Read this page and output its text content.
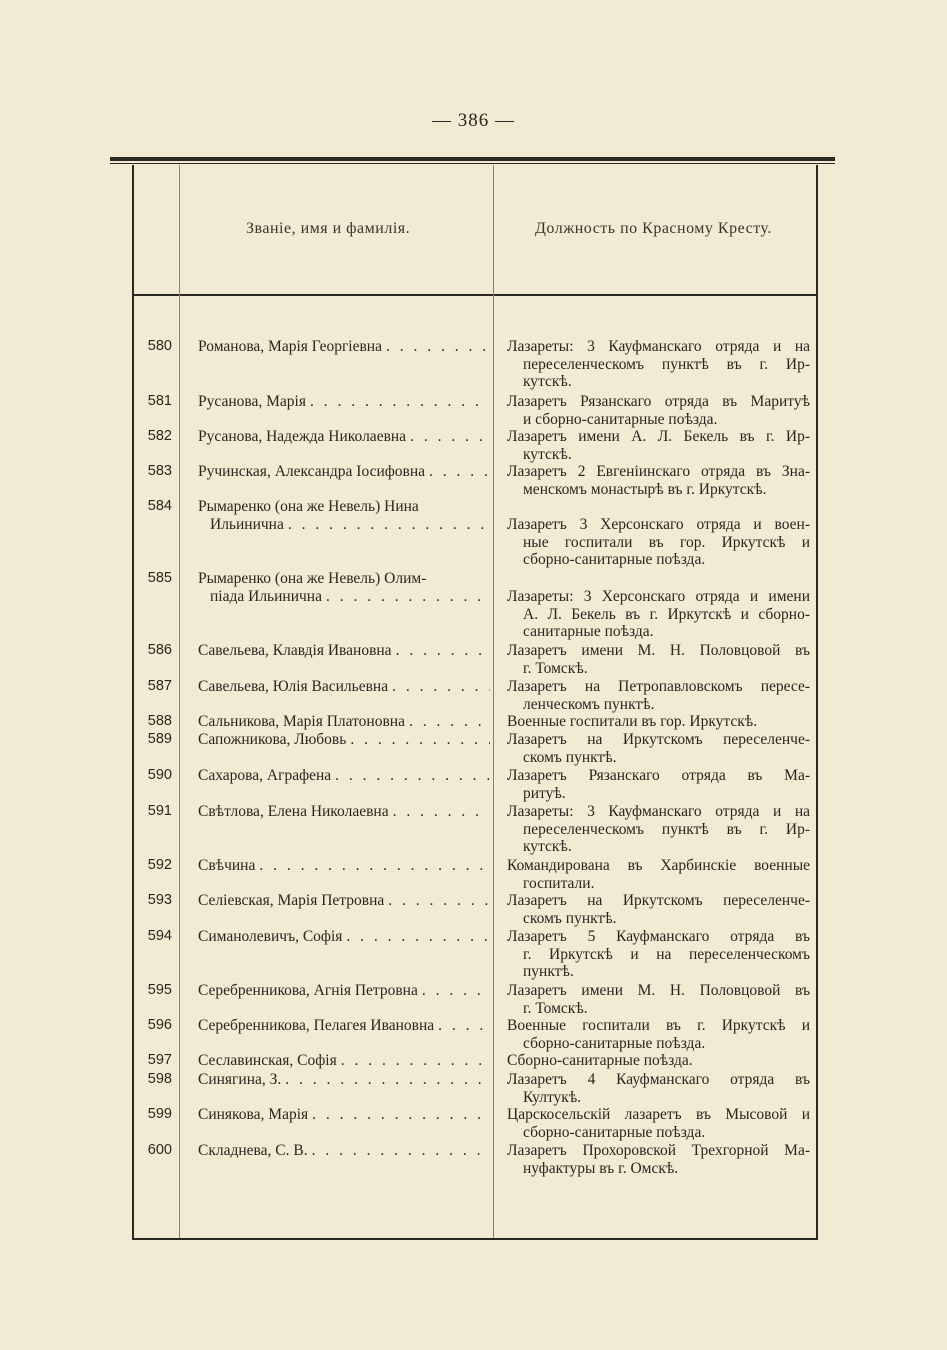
— 386 —
Званіе, имя и фамилія.	Должность по Красному Кресту.
580 Романова, Марія Георгіевна . . .	Лазареты: 3 Кауфманскаго отряда и на
переселенческомъ пунктѣ въ г. Ир-
кутскѣ.
581 Русанова, Марія . . .	Лазаретъ Рязанскаго отряда въ Маритуѣ
и сборно-санитарные поѣзда.
582 Русанова, Надежда Николаевна . . .	Лазаретъ имени А. Л. Бекель въ г. Ир-
кутскѣ.
583 Ручинская, Александра Іосифовна . . .	Лазаретъ 2 Евгеніинскаго отряда въ Зна-
менскомъ монастырѣ въ г. Иркутскѣ.
584 Рымаренко (она же Невель) Нина
Ильинична . . .	Лазаретъ 3 Херсонскаго отряда и воен-
ные госпитали въ гор. Иркутскѣ и
сборно-санитарные поѣзда.
585 Рымаренко (она же Невель) Олим-
піада Ильинична . . .	Лазареты: 3 Херсонскаго отряда и имени
А. Л. Бекель въ г. Иркутскѣ и сборно-
санитарные поѣзда.
586 Савельева, Клавдія Ивановна . . .	Лазаретъ имени М. Н. Половцовой въ
г. Томскѣ.
587 Савельева, Юлія Васильевна . . .	Лазаретъ на Петропавловскомъ пересе-
ленческомъ пунктѣ.
588 Сальникова, Марія Платоновна . . .	Военные госпитали въ гор. Иркутскѣ.
589 Сапожникова, Любовь . . .	Лазаретъ на Иркутскомъ переселенче-
скомъ пунктѣ.
590 Сахарова, Аграфена . . .	Лазаретъ Рязанскаго отряда въ Ма-
ритуѣ.
591 Свѣтлова, Елена Николаевна . . .	Лазареты: 3 Кауфманскаго отряда и на
переселенческомъ пунктѣ въ г. Ир-
кутскѣ.
592 Свѣчина . . .	Командирована въ Харбинскіе военные
госпитали.
593 Селіевская, Марія Петровна . . .	Лазаретъ на Иркутскомъ переселенче-
скомъ пунктѣ.
594 Симанолевичъ, Софія . . .	Лазаретъ 5 Кауфманскаго отряда въ
г. Иркутскѣ и на переселенческомъ
пунктѣ.
595 Серебренникова, Агнія Петровна . . .	Лазаретъ имени М. Н. Половцовой въ
г. Томскѣ.
596 Серебренникова, Пелагея Ивановна . . .	Военные госпитали въ г. Иркутскѣ и
сборно-санитарные поѣзда.
597 Сеславинская, Софія . . .	Сборно-санитарные поѣзда.
598 Синягина, З. . . .	Лазаретъ 4 Кауфманскаго отряда въ
Култукѣ.
599 Синякова, Марія . . .	Царскосельскій лазаретъ въ Мысовой и
сборно-санитарные поѣзда.
600 Складнева, С. В. . . .	Лазаретъ Прохоровской Трехгорной Ма-
нуфактуры въ г. Омскѣ.
